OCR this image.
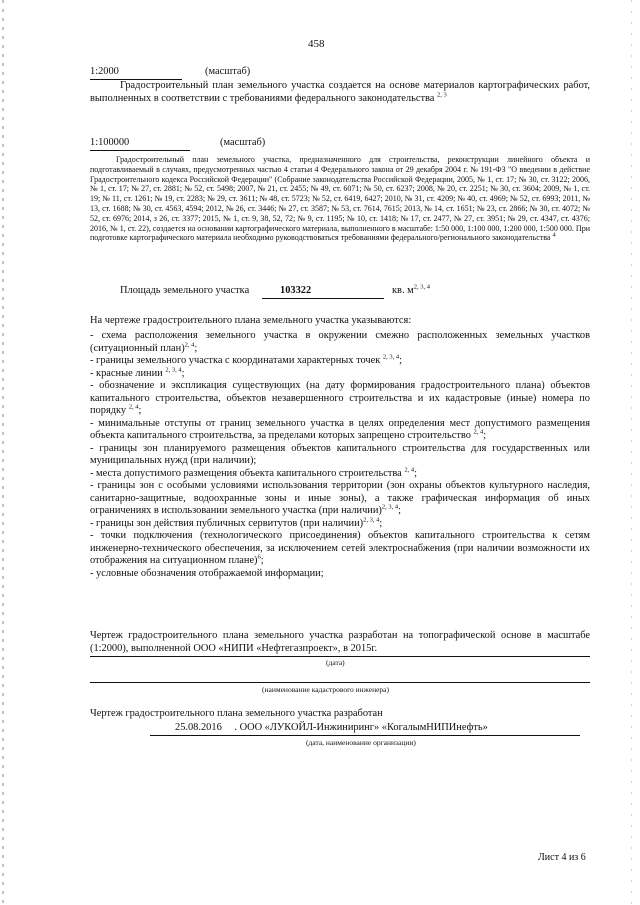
458
1:2000	(масштаб)
Градостроительный план земельного участка создается на основе материалов картографических работ, выполненных в соответствии с требованиями федерального законодательства $^{2, 3}$
1:100000	(масштаб)
Градостроительный план земельного участка, предназначенного для строительства, реконструкции линейного объекта и подготавливаемый в случаях, предусмотренных частью 4 статьи 4 Федерального закона от 29 декабря 2004 г. № 191-ФЗ "О введении в действие Градостроительного кодекса Российской Федерации" (Собрание законодательства Российской Федерации, 2005, № 1, ст. 17; № 30, ст. 3122; 2006, № 1, ст. 17; № 27, ст. 2881; № 52, ст. 5498; 2007, № 21, ст. 2455; № 49, ст. 6071; № 50, ст. 6237; 2008, № 20, ст. 2251; № 30, ст. 3604; 2009, № 1, ст. 19; № 11, ст. 1261; № 19, ст. 2283; № 29, ст. 3611; № 48, ст. 5723; № 52, ст. 6419, 6427; 2010, № 31, ст. 4209; № 40, ст. 4969; № 52, ст. 6993; 2011, № 13, ст. 1688; № 30, ст. 4563, 4594; 2012, № 26, ст. 3446; № 27, ст. 3587; № 53, ст. 7614, 7615; 2013, № 14, ст. 1651; № 23, ст. 2866; № 30, ст. 4072; № 52, ст. 6976; 2014, з 26, ст. 3377; 2015, № 1, ст. 9, 38, 52, 72; № 9, ст. 1195; № 10, ст. 1418; № 17, ст. 2477, № 27, ст. 3951; № 29, ст. 4347, ст. 4376; 2016, № 1, ст. 22), создается на основании картографического материала, выполненного в масштабе: 1:50 000, 1:100 000, 1:200 000, 1:500 000. При подготовке картографического материала необходимо руководствоваться требованиями федерального/регионального законодательства $^4$
Площадь земельного участка	103322	кв. $м^{2, 3, 4}$
На чертеже градостроительного плана земельного участка указываются:
- схема расположения земельного участка в окружении смежно расположенных земельных участков (ситуационный план)$^{2, 4}$;
- границы земельного участка с координатами характерных точек $^{2, 3, 4}$;
- красные линии $^{2, 3, 4}$;
- обозначение и экспликация существующих (на дату формирования градостроительного плана) объектов капитального строительства, объектов незавершенного строительства и их кадастровые (иные) номера по порядку $^{2, 4}$;
- минимальные отступы от границ земельного участка в целях определения мест допустимого размещения объекта капитального строительства, за пределами которых запрещено строительство $^{2, 4}$;
- границы зон планируемого размещения объектов капитального строительства для государственных или муниципальных нужд (при наличии);
- места допустимого размещения объекта капитального строительства $^{2, 4}$;
- границы зон с особыми условиями использования территории (зон охраны объектов культурного наследия, санитарно-защитные, водоохранные зоны и иные зоны), а также графическая информация об иных ограничениях в использовании земельного участка (при наличии)$^{2, 3, 4}$;
- границы зон действия публичных сервитутов (при наличии)$^{2, 3, 4}$;
- точки подключения (технологического присоединения) объектов капитального строительства к сетям инженерно-технического обеспечения, за исключением сетей электроснабжения (при наличии возможности их отображения на ситуационном плане)$^6$;
- условные обозначения отображаемой информации;
Чертеж градостроительного плана земельного участка разработан на топографической основе в масштабе (1:2000), выполненной ООО «НИПИ «Нефтегазпроект», в 2015г.
(дата)
(наименование кадастрового инженера)
Чертеж градостроительного плана земельного участка разработан
25.08.2016 . ООО «ЛУКОЙЛ-Инжиниринг» «КогалымНИПИнефть»
(дата, наименование организации)
Лист 4 из 6
